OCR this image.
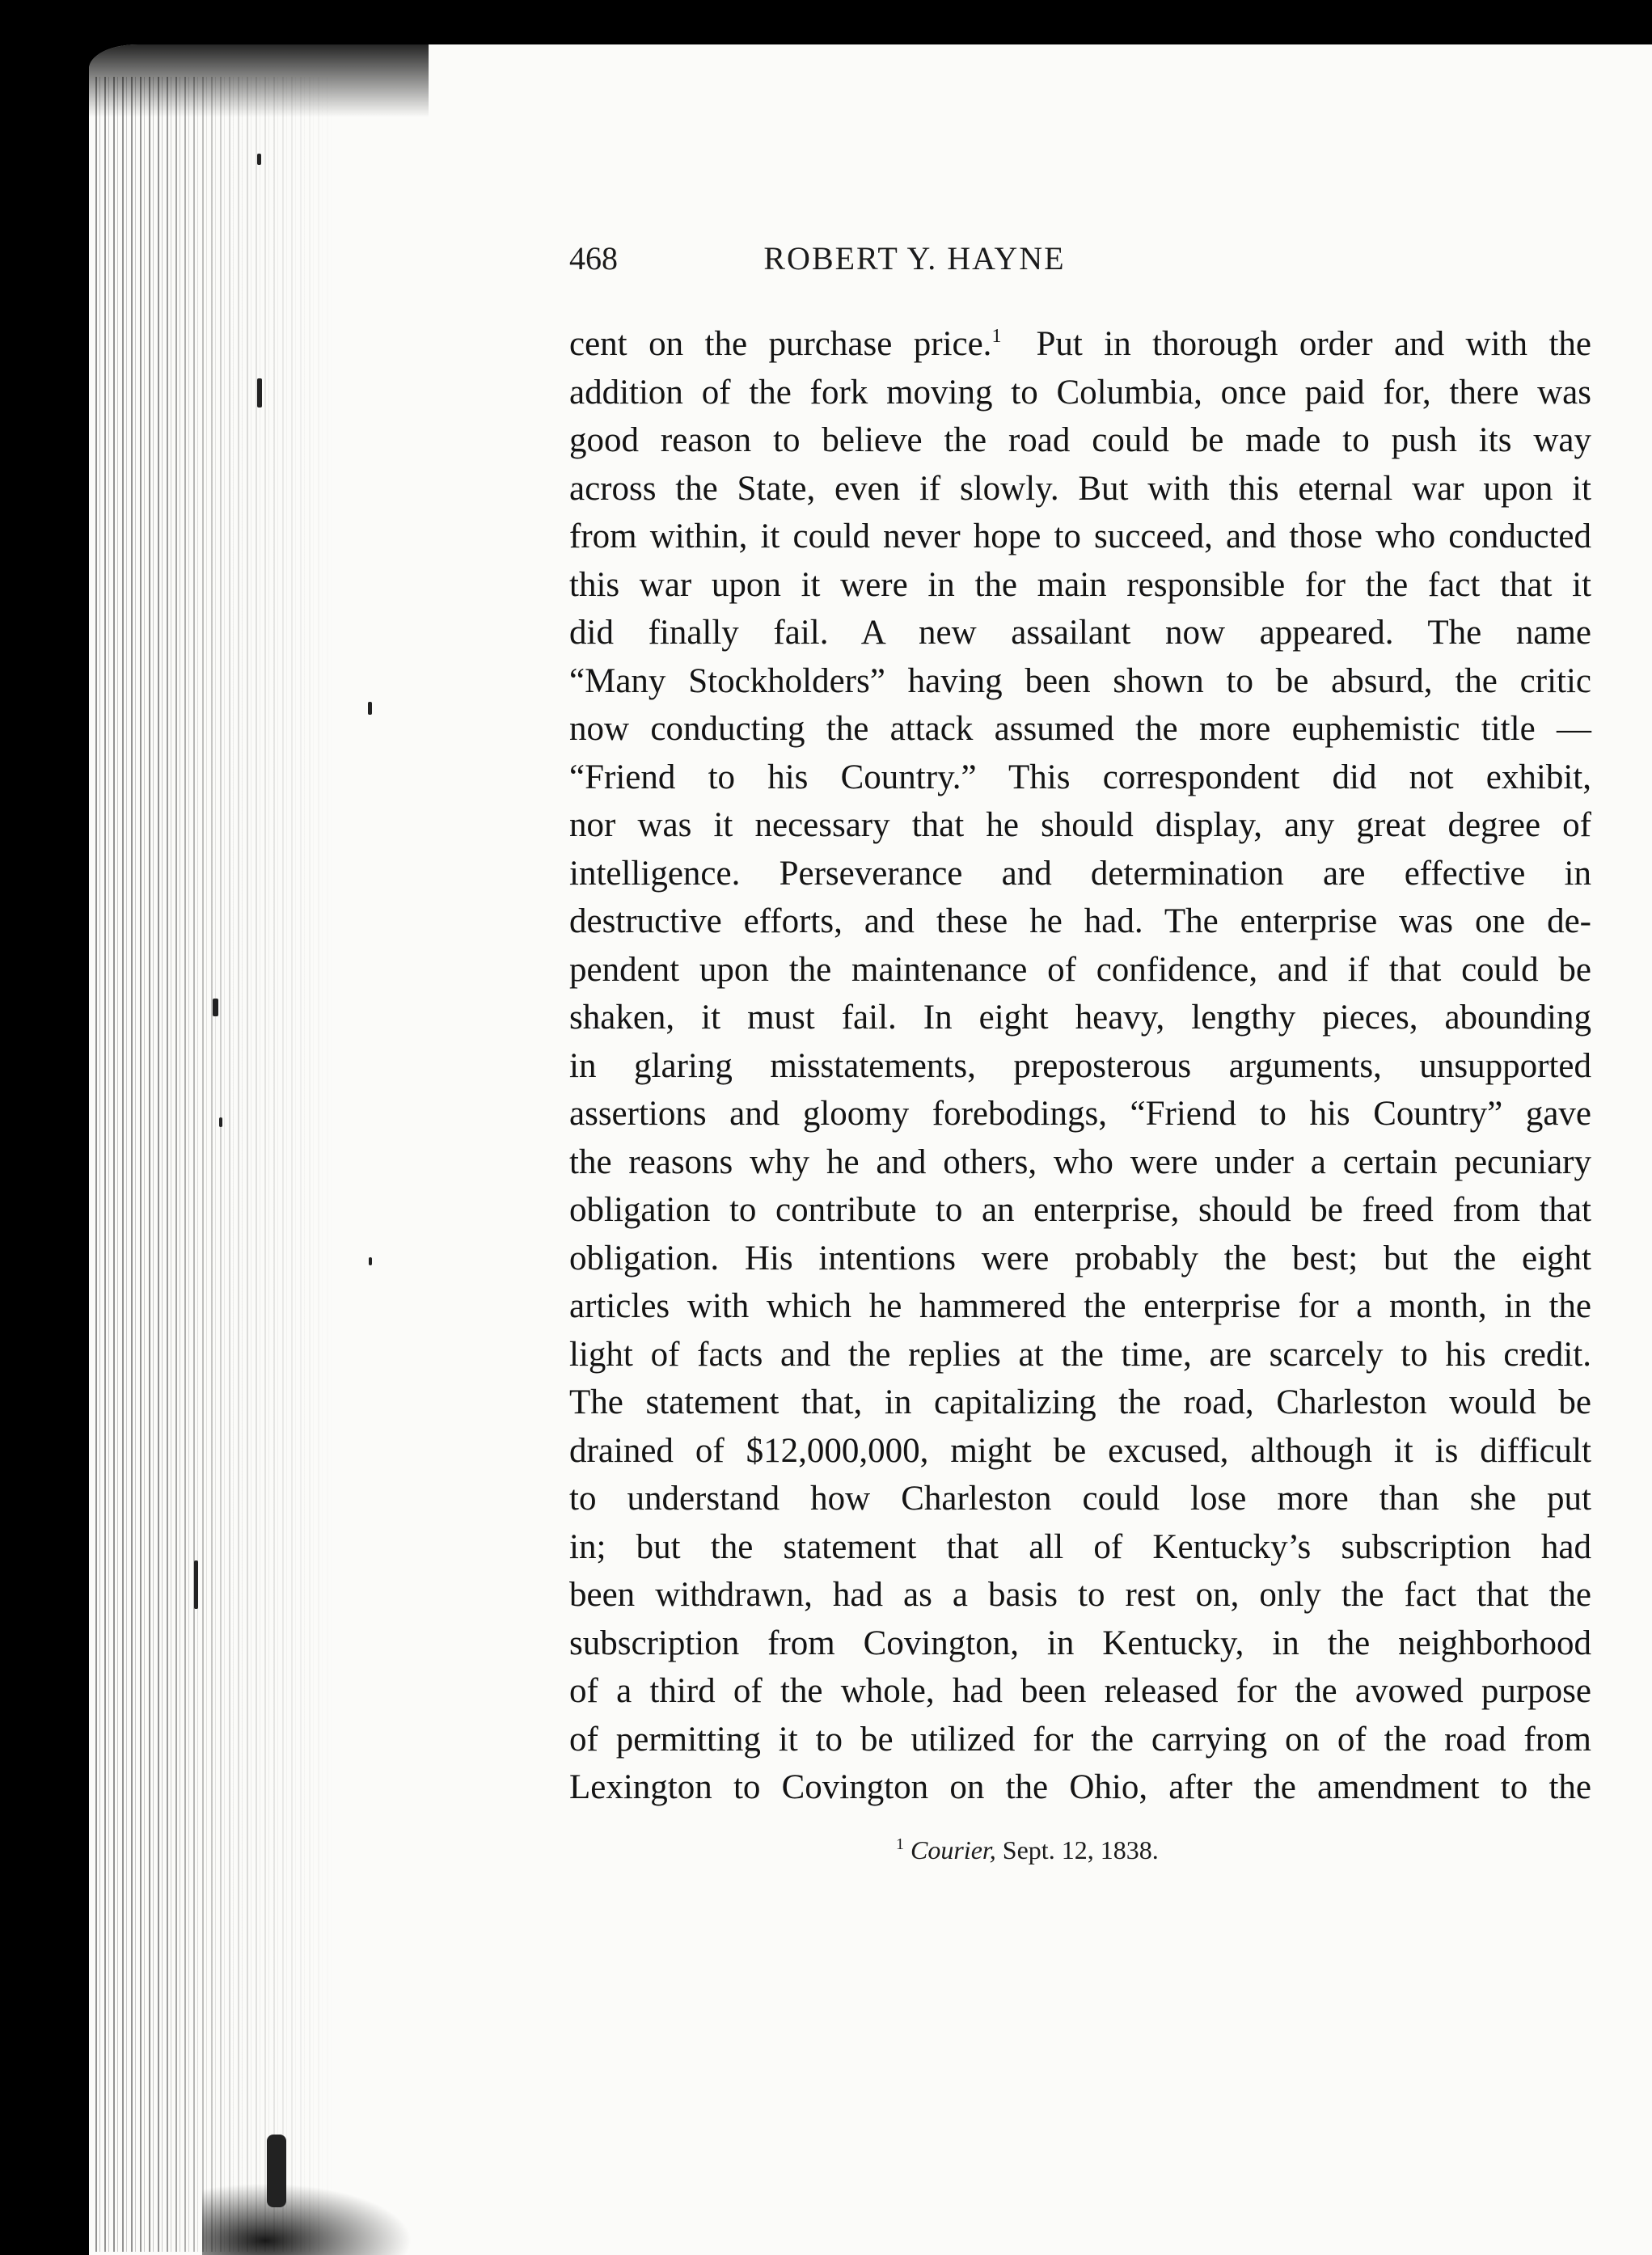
468	ROBERT Y. HAYNE
cent on the purchase price.$^1$  Put in thorough order and with the
addition of the fork moving to Columbia, once paid for, there was
good reason to believe the road could be made to push its way
across the State, even if slowly. But with this eternal war upon it
from within, it could never hope to succeed, and those who conducted
this war upon it were in the main responsible for the fact that it
did finally fail. A new assailant now appeared. The name
“Many Stockholders” having been shown to be absurd, the critic
now conducting the attack assumed the more euphemistic title —
“Friend to his Country.” This correspondent did not exhibit,
nor was it necessary that he should display, any great degree of
intelligence. Perseverance and determination are effective in
destructive efforts, and these he had. The enterprise was one de-
pendent upon the maintenance of confidence, and if that could be
shaken, it must fail. In eight heavy, lengthy pieces, abounding
in glaring misstatements, preposterous arguments, unsupported
assertions and gloomy forebodings, “Friend to his Country” gave
the reasons why he and others, who were under a certain pecuniary
obligation to contribute to an enterprise, should be freed from that
obligation. His intentions were probably the best; but the eight
articles with which he hammered the enterprise for a month, in the
light of facts and the replies at the time, are scarcely to his credit.
The statement that, in capitalizing the road, Charleston would be
drained of $12,000,000, might be excused, although it is difficult
to understand how Charleston could lose more than she put
in; but the statement that all of Kentucky’s subscription had
been withdrawn, had as a basis to rest on, only the fact that the
subscription from Covington, in Kentucky, in the neighborhood
of a third of the whole, had been released for the avowed purpose
of permitting it to be utilized for the carrying on of the road from
Lexington to Covington on the Ohio, after the amendment to the
$^1$ Courier, Sept. 12, 1838.
